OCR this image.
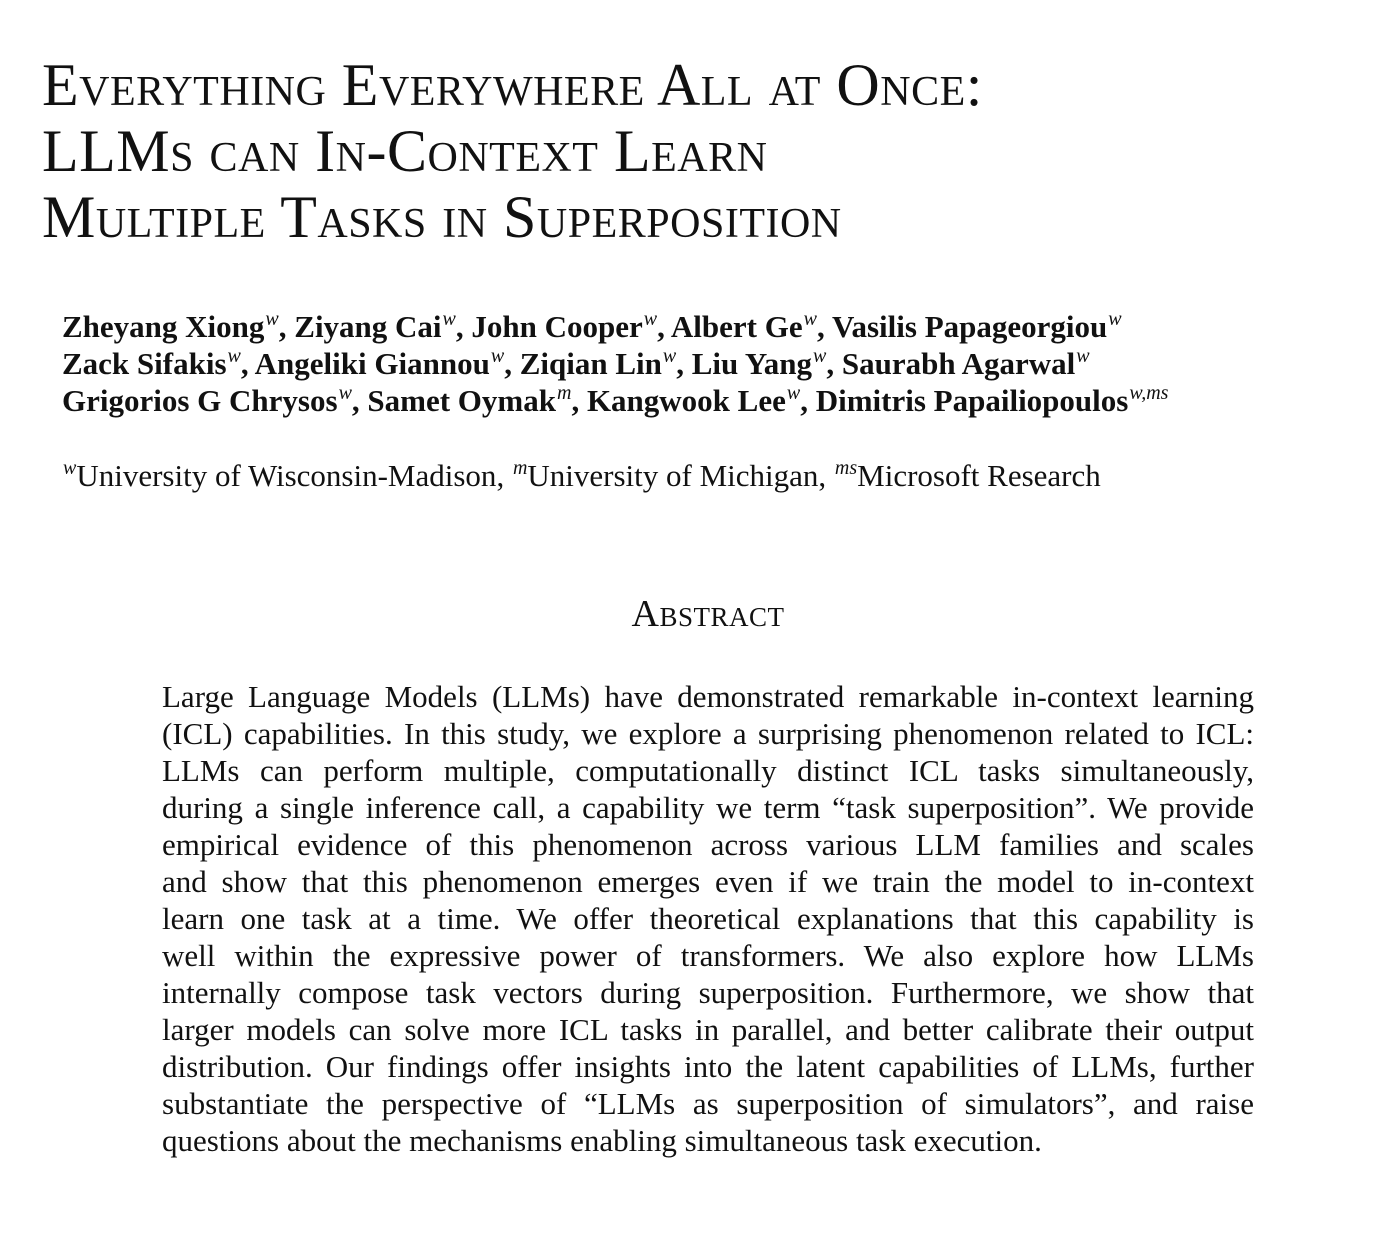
Everything Everywhere All at Once:
LLMs can In-Context Learn
Multiple Tasks in Superposition
Zheyang Xiong$^w$, Ziyang Cai$^w$, John Cooper$^w$, Albert Ge$^w$, Vasilis Papageorgiou$^w$
Zack Sifakis$^w$, Angeliki Giannou$^w$, Ziqian Lin$^w$, Liu Yang$^w$, Saurabh Agarwal$^w$
Grigorios G Chrysos$^w$, Samet Oymak$^m$, Kangwook Lee$^w$, Dimitris Papailiopoulos$^{w,ms}$
$^w$University of Wisconsin-Madison, $^m$University of Michigan, $^{ms}$Microsoft Research
Abstract
Large Language Models (LLMs) have demonstrated remarkable in-context learning
(ICL) capabilities. In this study, we explore a surprising phenomenon related to ICL:
LLMs can perform multiple, computationally distinct ICL tasks simultaneously,
during a single inference call, a capability we term “task superposition”. We provide
empirical evidence of this phenomenon across various LLM families and scales
and show that this phenomenon emerges even if we train the model to in-context
learn one task at a time. We offer theoretical explanations that this capability is
well within the expressive power of transformers. We also explore how LLMs
internally compose task vectors during superposition. Furthermore, we show that
larger models can solve more ICL tasks in parallel, and better calibrate their output
distribution. Our findings offer insights into the latent capabilities of LLMs, further
substantiate the perspective of “LLMs as superposition of simulators”, and raise
questions about the mechanisms enabling simultaneous task execution.
